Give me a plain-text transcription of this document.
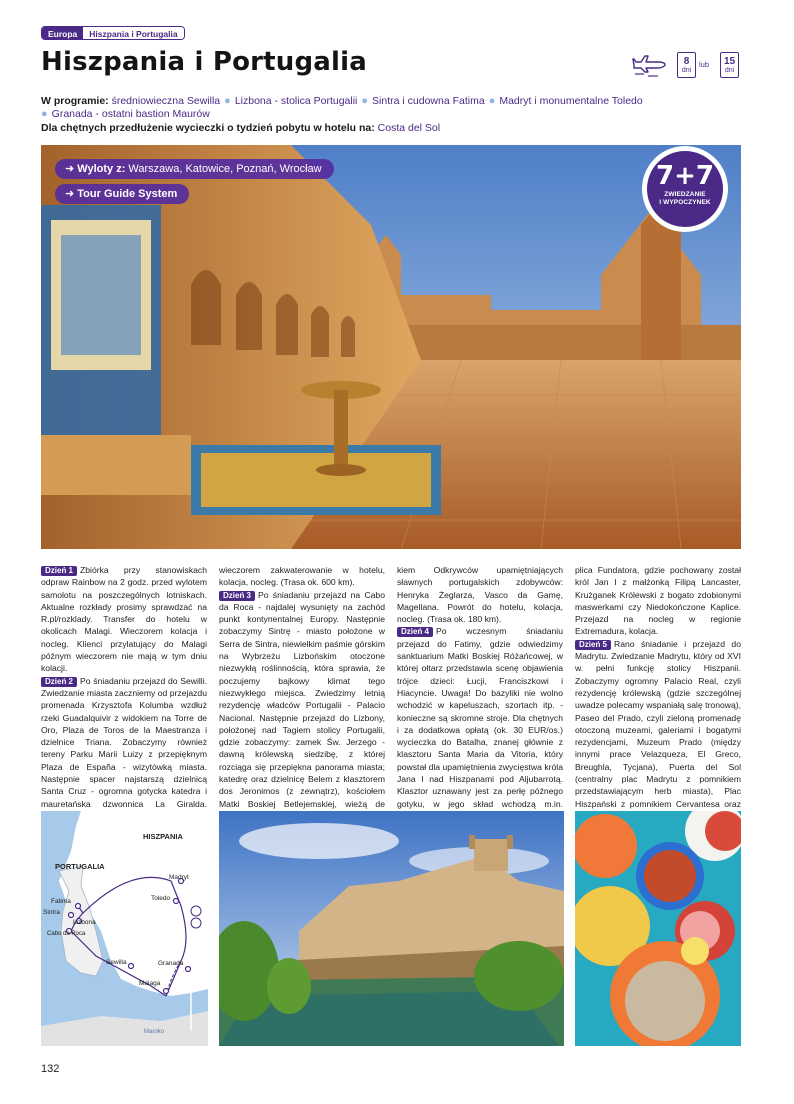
Europa	Hiszpania i Portugalia
Hiszpania i Portugalia	8
dni
lub 15
dni
W programie: średniowieczna Sewilla ● Lizbona - stolica Portugalii ● Sintra i cudowna Fatima ● Madryt i monumentalne Toledo
● Granada - ostatni bastion Maurów
Dla chętnych przedłużenie wycieczki o tydzień pobytu w hotelu na: Costa del Sol
➜ Wyloty z: Warszawa, Katowice, Poznań, Wrocław
➜ Tour Guide System
7+7
ZWIEDZANIE
I WYPOCZYNEK

Dzień 1 Zbiórka przy stanowiskach odpraw Rainbow na 2 godz. przed wylotem samolotu na poszczególnych lotniskach. Aktualne rozkłady prosimy sprawdzać na R.pl/rozklady. Transfer do hotelu w okolicach Malagi. Wieczorem kolacja i nocleg. Klienci przylatujący do Malagi późnym wieczorem nie mają w tym dniu kolacji.

Dzień 2 Po śniadaniu przejazd do Sewilli. Zwiedzanie miasta zaczniemy od przejazdu promenada Krzysztofa Kolumba wzdłuż rzeki Guadalquivir z widokiem na Torre de Oro, Plaza de Toros de la Maestranza i dzielnice Triana. Zobaczymy również tereny Parku Marii Luizy z przepięknym Plaza de España - wizytówką miasta. Następnie spacer najstarszą dzielnicą Santa Cruz - ogromna gotycka katedra i mauretańska dzwonnica La Giralda.

wieczorem zakwaterowanie w hotelu, kolacja, nocleg. (Trasa ok. 600 km).

Dzień 3 Po śniadaniu przejazd na Cabo da Roca - najdalej wysunięty na zachód punkt kontynentalnej Europy. Następnie zobaczymy Sintrę - miasto położone w Serra de Sintra, niewielkim paśmie górskim na Wybrzeżu Lizbońskim otoczone niezwykłą roślinnością, która sprawia, że poczujemy bajkowy klimat tego niezwykłego miejsca. Zwiedzimy letnią rezydencję władców Portugalii - Palacio Nacional. Następnie przejazd do Lizbony, położonej nad Tagiem stolicy Portugalii, gdzie zobaczymy: zamek Św. Jerzego - dawną królewską siedzibę, z której rozciąga się przepiękna panorama miasta; katedrę oraz dzielnicę Belem z klasztorem dos Jeronimos (z zewnątrz), kościołem Matki Boskiej Betlejemskiej, wieżą de

kiem Odkrywców upamiętniających sławnych portugalskich zdobywców: Henryka Żeglarza, Vasco da Gamę, Magellana. Powrót do hotelu, kolacja, nocleg. (Trasa ok. 180 km).

Dzień 4 Po wczesnym śniadaniu przejazd do Fatimy, gdzie odwiedzimy sanktuarium Matki Boskiej Różańcowej, w której ołtarz przedstawia scenę objawienia trójce dzieci: Łucji, Franciszkowi i Hiacyncie. Uwaga! Do bazyliki nie wolno wchodzić w kapeluszach, szortach itp. - konieczne są skromne stroje. Dla chętnych i za dodatkowa opłatą (ok. 30 EUR/os.) wycieczka do Batalha, znanej głównie z klasztoru Santa Maria da Vitoria, który powstał dla upamiętnienia zwycięstwa króla Jana I nad Hiszpanami pod Aljubarrotą. Klasztor uznawany jest za perłę późnego gotyku, w jego skład wchodzą m.in.

plica Fundatora, gdzie pochowany został król Jan I z małżonką Filipą Lancaster, Krużganek Królewski z bogato zdobionymi maswerkami czy Niedokończone Kaplice. Przejazd na nocleg w regionie Extremadura, kolacja.

Dzień 5 Rano śniadanie i przejazd do Madrytu. Zwiedzanie Madrytu, który od XVI w. pełni funkcję stolicy Hiszpanii. Zobaczymy ogromny Palacio Real, czyli rezydencję królewską (gdzie szczególnej uwadze polecamy wspaniałą salę tronową), Paseo del Prado, czyli zieloną promenadę otoczoną muzeami, galeriami i bogatymi rezydencjami, Muzeum Prado (między innymi prace Velazqueza, El Greco, Breughla, Tycjana), Puerta del Sol (centralny plac Madrytu z pomnikiem przedstawiającym herb miasta), Plac Hiszpański z pomnikiem Cervantesa oraz

HISZPANIA
PORTUGALIA
Madryt
Fatima
Sintra
Lizbona
Cabo da Roca
Toledo
Sewilla	Granada
Malaga
Maroko
132
